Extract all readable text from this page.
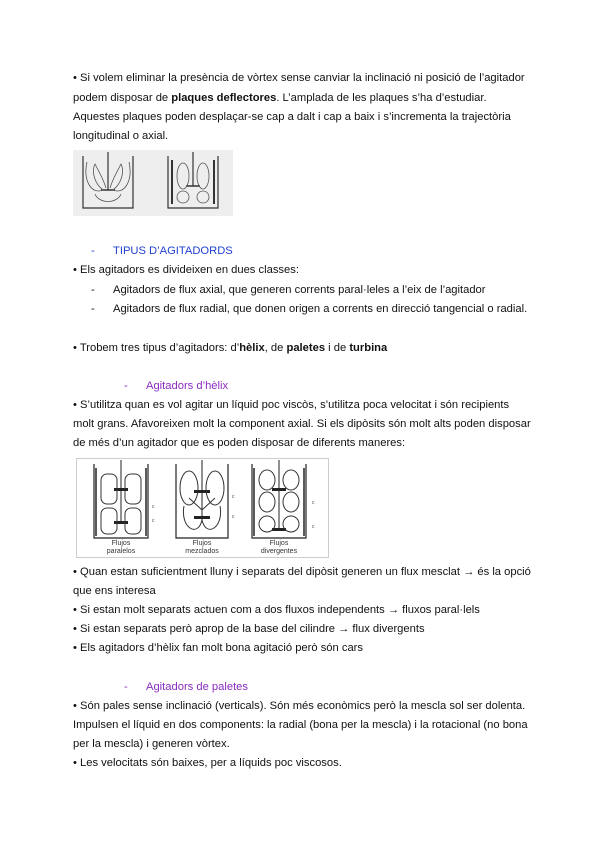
• Si volem eliminar la presència de vòrtex sense canviar la inclinació ni posició de l’agitador
podem disposar de plaques deflectores. L’amplada de les plaques s’ha d’estudiar.
Aquestes plaques poden desplaçar-se cap a dalt i cap a baix i s’incrementa la trajectòria
longitudinal o axial.
- TIPUS D’AGITADORDS
• Els agitadors es divideixen en dues classes:
- Agitadors de flux axial, que generen corrents paral·leles a l’eix de l’agitador
- Agitadors de flux radial, que donen origen a corrents en direcció tangencial o radial.
• Trobem tres tipus d’agitadors: d’hèlix, de paletes i de turbina
- Agitadors d’hèlix
• S’utilitza quan es vol agitar un líquid poc viscòs, s’utilitza poca velocitat i són recipients
molt grans. Afavoreixen molt la component axial. Si els dipòsits són molt alts poden disposar
de més d’un agitador que es poden disposar de diferents maneres:
c
c
c
c
c
c
Flujos
paralelos
Flujos
mezclados
Flujos
divergentes
• Quan estan suficientment lluny i separats del dipòsit generen un flux mesclat → és la opció
que ens interesa
• Si estan molt separats actuen com a dos fluxos independents → fluxos paral·lels
• Si estan separats però aprop de la base del cilindre → flux divergents
• Els agitadors d’hèlix fan molt bona agitació però són cars
- Agitadors de paletes
• Són pales sense inclinació (verticals). Són més econòmics però la mescla sol ser dolenta.
Impulsen el líquid en dos components: la radial (bona per la mescla) i la rotacional (no bona
per la mescla) i generen vòrtex.
• Les velocitats són baixes, per a líquids poc viscosos.
